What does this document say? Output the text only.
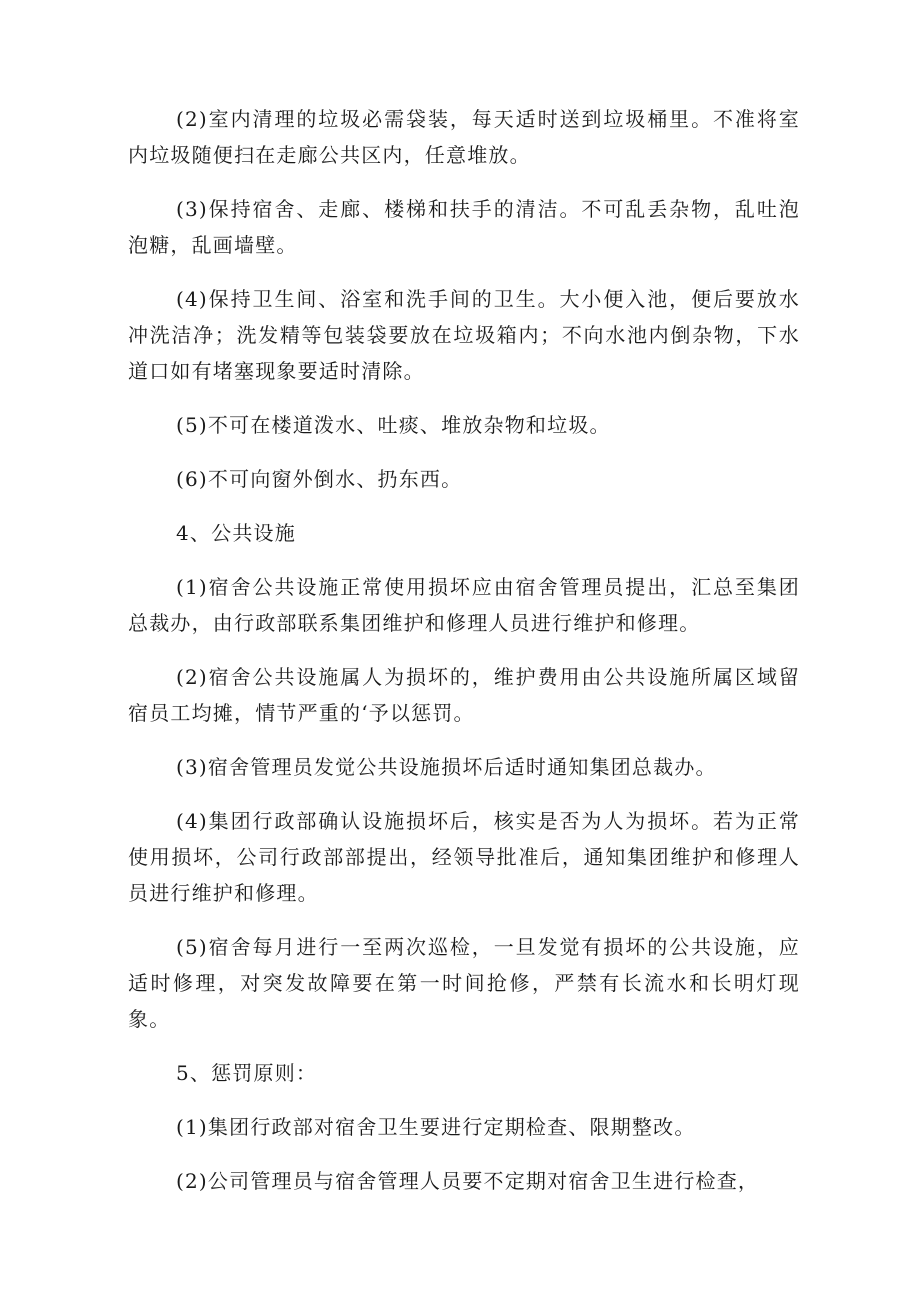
(2)室内清理的垃圾必需袋装，每天适时送到垃圾桶里。不准将室内垃圾随便扫在走廊公共区内，任意堆放。

(3)保持宿舍、走廊、楼梯和扶手的清洁。不可乱丢杂物，乱吐泡泡糖，乱画墙壁。

(4)保持卫生间、浴室和洗手间的卫生。大小便入池，便后要放水冲洗洁净；洗发精等包装袋要放在垃圾箱内；不向水池内倒杂物，下水道口如有堵塞现象要适时清除。

(5)不可在楼道泼水、吐痰、堆放杂物和垃圾。

(6)不可向窗外倒水、扔东西。

4、公共设施

(1)宿舍公共设施正常使用损坏应由宿舍管理员提出，汇总至集团总裁办，由行政部联系集团维护和修理人员进行维护和修理。

(2)宿舍公共设施属人为损坏的，维护费用由公共设施所属区域留宿员工均摊，情节严重的‘予以惩罚。

(3)宿舍管理员发觉公共设施损坏后适时通知集团总裁办。

(4)集团行政部确认设施损坏后，核实是否为人为损坏。若为正常使用损坏，公司行政部部提出，经领导批准后，通知集团维护和修理人员进行维护和修理。

(5)宿舍每月进行一至两次巡检，一旦发觉有损坏的公共设施，应适时修理，对突发故障要在第一时间抢修，严禁有长流水和长明灯现象。

5、惩罚原则：

(1)集团行政部对宿舍卫生要进行定期检查、限期整改。

(2)公司管理员与宿舍管理人员要不定期对宿舍卫生进行检查，
